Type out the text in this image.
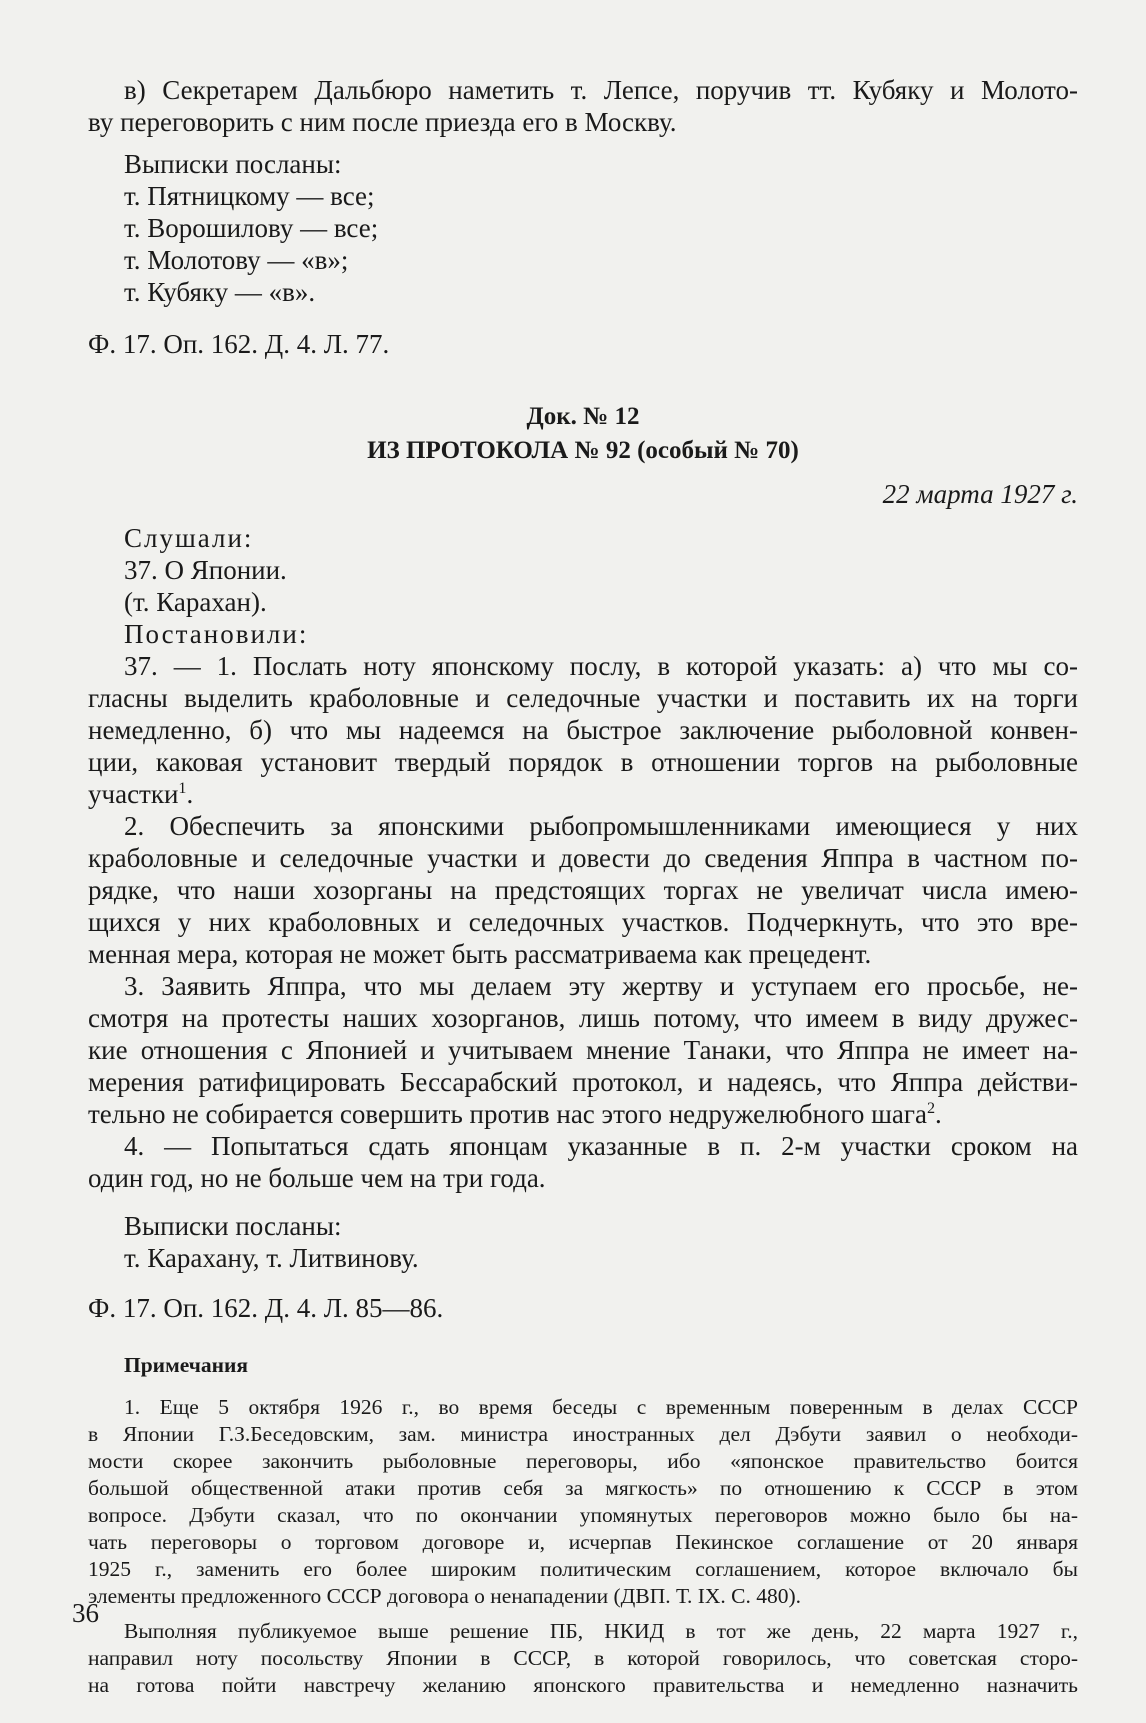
в) Секретарем Дальбюро наметить т. Лепсе, поручив тт. Кубяку и Молото-
ву переговорить с ним после приезда его в Москву.
Выписки посланы:
т. Пятницкому — все;
т. Ворошилову — все;
т. Молотову — «в»;
т. Кубяку — «в».
Ф. 17. Оп. 162. Д. 4. Л. 77.
Док. № 12
ИЗ ПРОТОКОЛА № 92 (особый № 70)
22 марта 1927 г.
Слушали:
37. О Японии.
(т. Карахан).
Постановили:
37. — 1. Послать ноту японскому послу, в которой указать: а) что мы со-
гласны выделить краболовные и селедочные участки и поставить их на торги
немедленно, б) что мы надеемся на быстрое заключение рыболовной конвен-
ции, каковая установит твердый порядок в отношении торгов на рыболовные
участки$^1$.
2. Обеспечить за японскими рыбопромышленниками имеющиеся у них
краболовные и селедочные участки и довести до сведения Яппра в частном по-
рядке, что наши хозорганы на предстоящих торгах не увеличат числа имею-
щихся у них краболовных и селедочных участков. Подчеркнуть, что это вре-
менная мера, которая не может быть рассматриваема как прецедент.
3. Заявить Яппра, что мы делаем эту жертву и уступаем его просьбе, не-
смотря на протесты наших хозорганов, лишь потому, что имеем в виду дружес-
кие отношения с Японией и учитываем мнение Танаки, что Яппра не имеет на-
мерения ратифицировать Бессарабский протокол, и надеясь, что Яппра действи-
тельно не собирается совершить против нас этого недружелюбного шага$^2$.
4. — Попытаться сдать японцам указанные в п. 2-м участки сроком на
один год, но не больше чем на три года.
Выписки посланы:
т. Карахану, т. Литвинову.
Ф. 17. Оп. 162. Д. 4. Л. 85—86.
Примечания
1. Еще 5 октября 1926 г., во время беседы с временным поверенным в делах СССР
в Японии Г.З.Беседовским, зам. министра иностранных дел Дэбути заявил о необходи-
мости скорее закончить рыболовные переговоры, ибо «японское правительство боится
большой общественной атаки против себя за мягкость» по отношению к СССР в этом
вопросе. Дэбути сказал, что по окончании упомянутых переговоров можно было бы на-
чать переговоры о торговом договоре и, исчерпав Пекинское соглашение от 20 января
1925 г., заменить его более широким политическим соглашением, которое включало бы
элементы предложенного СССР договора о ненападении (ДВП. Т. IX. С. 480).
Выполняя публикуемое выше решение ПБ, НКИД в тот же день, 22 марта 1927 г.,
направил ноту посольству Японии в СССР, в которой говорилось, что советская сторо-
на готова пойти навстречу желанию японского правительства и немедленно назначить
36
